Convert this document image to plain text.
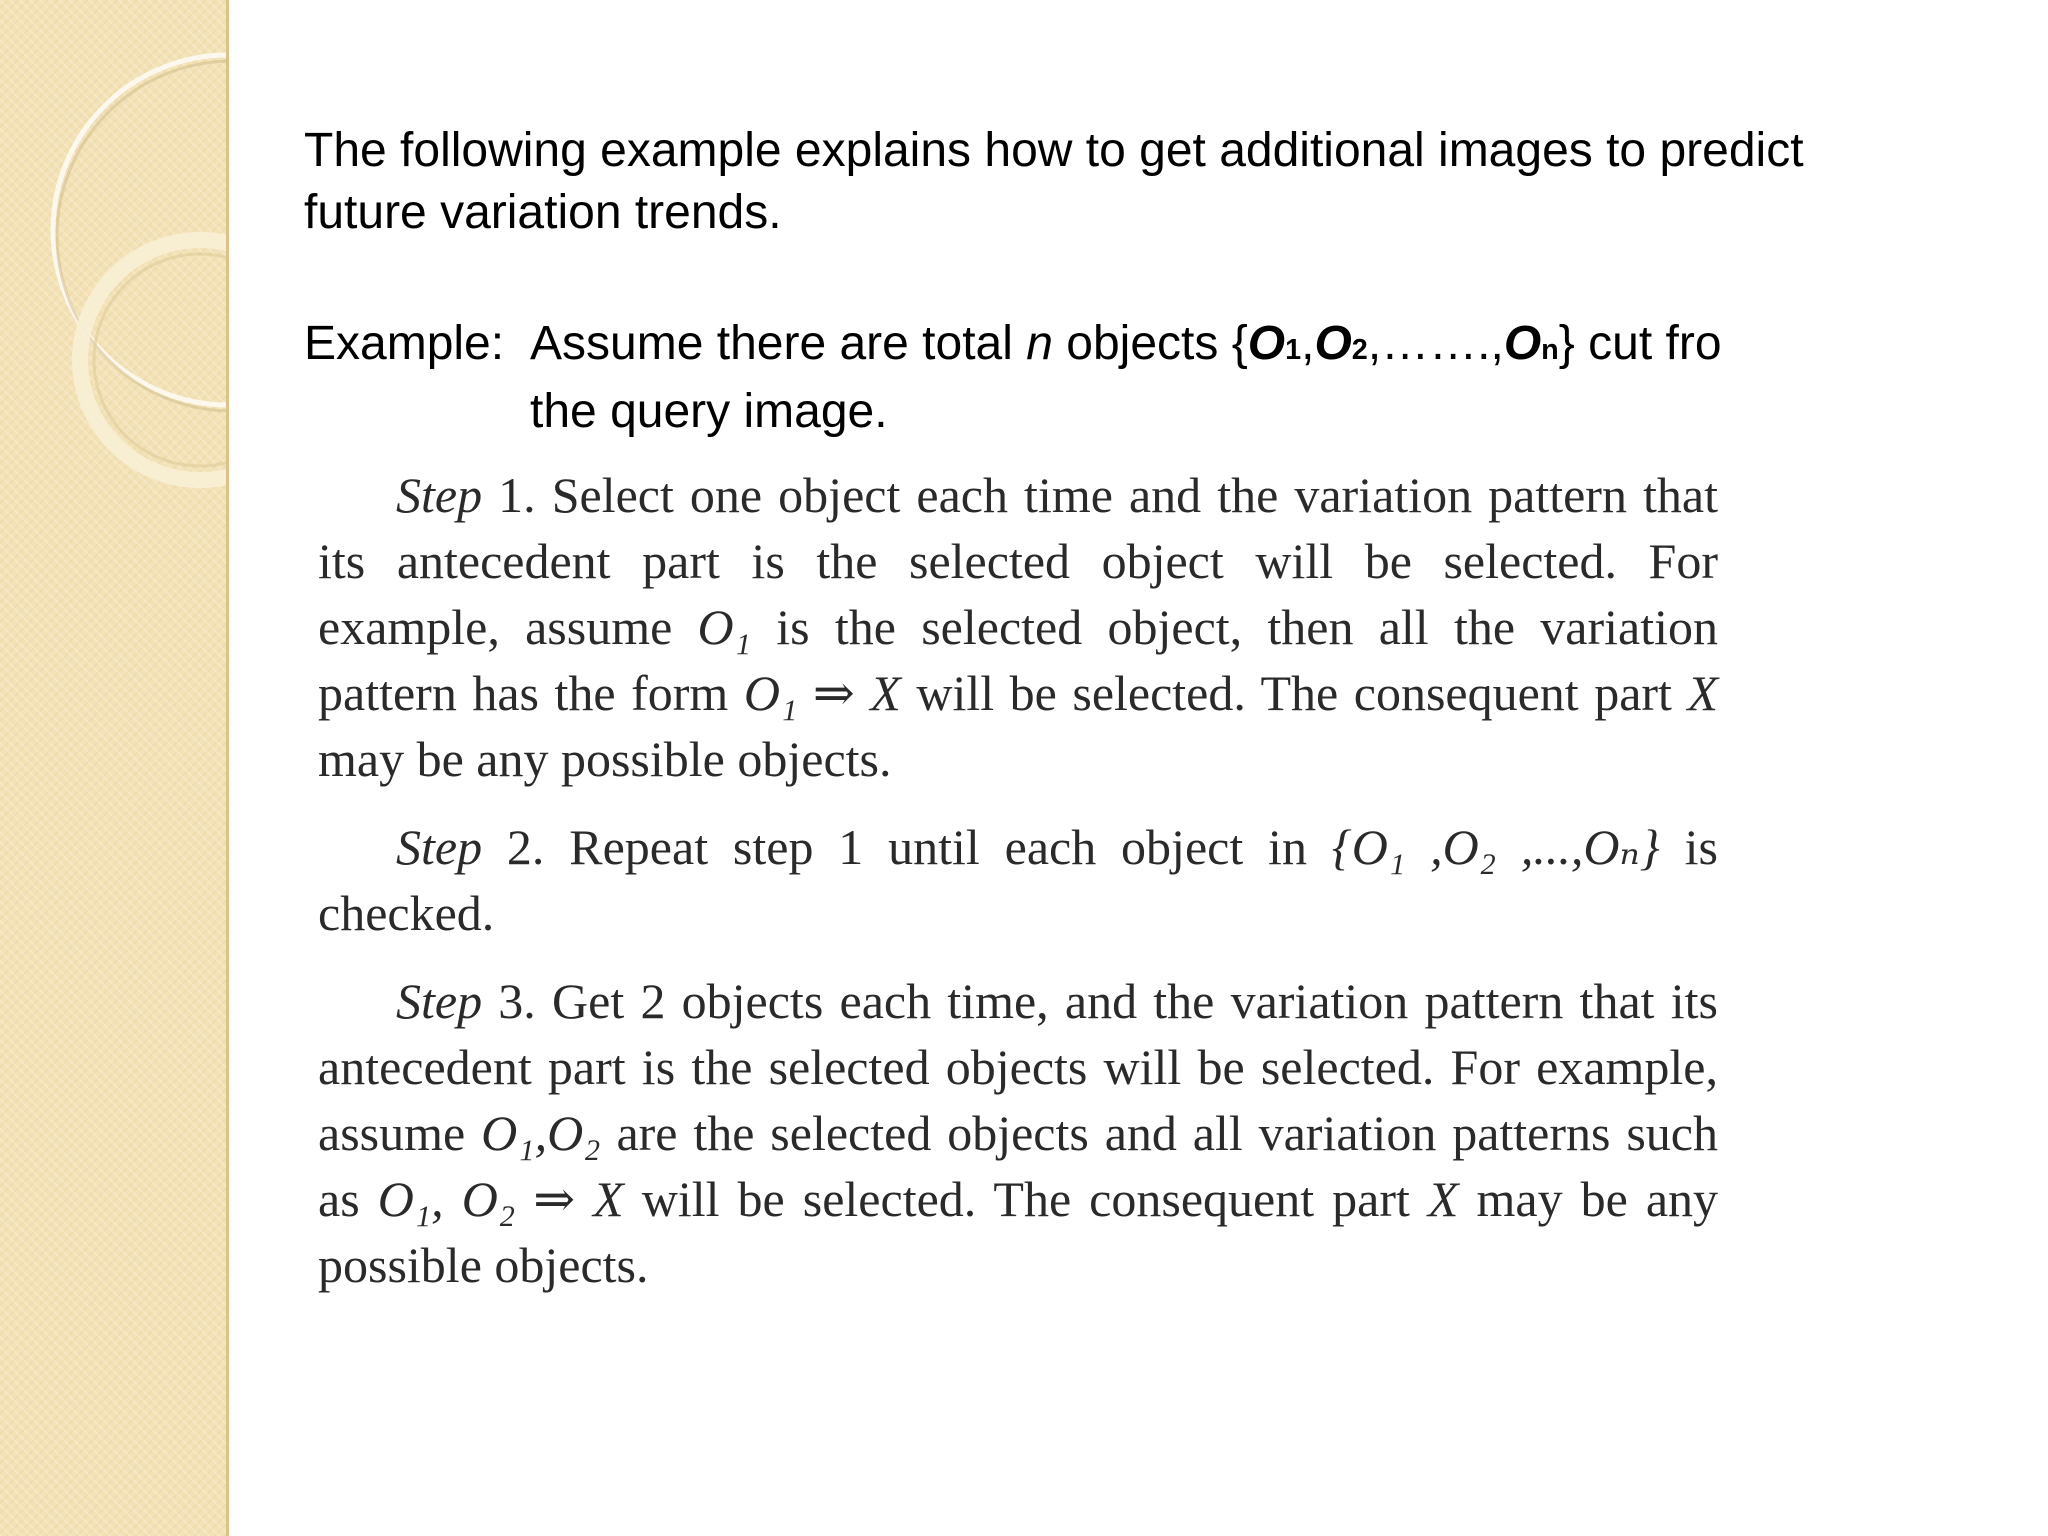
The following example explains how to get additional images to predict future variation trends.

Example: Assume there are total n objects {O1,O2,…….,On} cut fro
the query image.

Step 1. Select one object each time and the variation pattern that its antecedent part is the selected object will be selected. For example, assume O₁ is the selected object, then all the variation pattern has the form O₁ ⇒ X will be selected. The consequent part X may be any possible objects.

Step 2. Repeat step 1 until each object in {O₁ ,O₂ ,...,Oₙ} is checked.

Step 3. Get 2 objects each time, and the variation pattern that its antecedent part is the selected objects will be selected. For example, assume O₁,O₂ are the selected objects and all variation patterns such as O₁, O₂ ⇒ X will be selected. The consequent part X may be any possible objects.
